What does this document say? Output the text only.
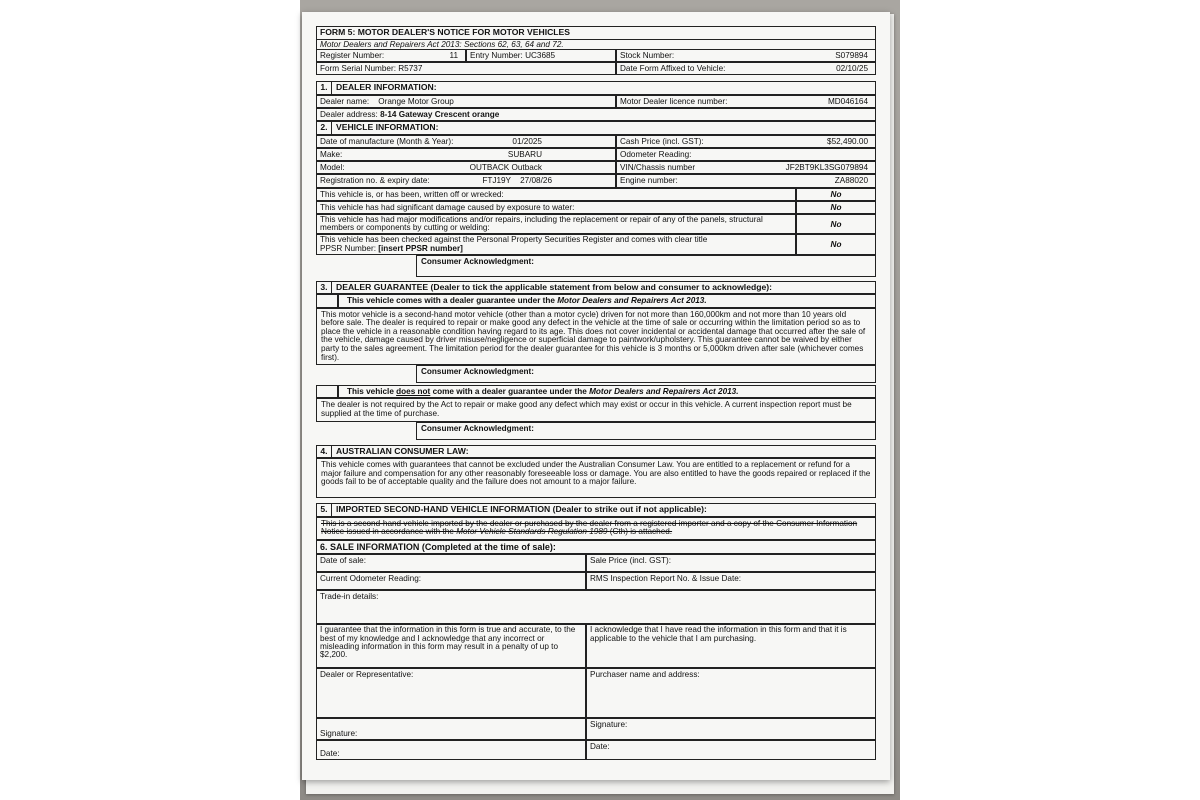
FORM 5: MOTOR DEALER'S NOTICE FOR MOTOR VEHICLES
Motor Dealers and Repairers Act 2013: Sections 62, 63, 64 and 72.
Register Number:	11	Entry Number: UC3685	Stock Number:	S079894
Form Serial Number: R5737	Date Form Affixed to Vehicle:	02/10/25
1. DEALER INFORMATION:
Dealer name: Orange Motor Group	Motor Dealer licence number:	MD046164
Dealer address: 8-14 Gateway Crescent orange
2. VEHICLE INFORMATION:
Date of manufacture (Month & Year):	01/2025	Cash Price (incl. GST):	$52,490.00
Make:	SUBARU	Odometer Reading:
Model:	OUTBACK Outback	VIN/Chassis number	JF2BT9KL3SG079894
Registration no. & expiry date:	FTJ19Y 27/08/26	Engine number:	ZA88020
This vehicle is, or has been, written off or wrecked:	No
This vehicle has had significant damage caused by exposure to water:	No
This vehicle has had major modifications and/or repairs, including the replacement or repair of any of the panels, structural members or components by cutting or welding:	No
This vehicle has been checked against the Personal Property Securities Register and comes with clear title
PPSR Number: [insert PPSR number]	No
Consumer Acknowledgment:
3. DEALER GUARANTEE (Dealer to tick the applicable statement from below and consumer to acknowledge):
This vehicle comes with a dealer guarantee under the Motor Dealers and Repairers Act 2013.
This motor vehicle is a second-hand motor vehicle (other than a motor cycle) driven for not more than 160,000km and not more than 10 years old before sale. The dealer is required to repair or make good any defect in the vehicle at the time of sale or occurring within the limitation period so as to place the vehicle in a reasonable condition having regard to its age. This does not cover incidental or accidental damage that occurred after the sale of the vehicle, damage caused by driver misuse/negligence or superficial damage to paintwork/upholstery. This guarantee cannot be waived by either party to the sales agreement. The limitation period for the dealer guarantee for this vehicle is 3 months or 5,000km driven after sale (whichever comes first).
Consumer Acknowledgment:
This vehicle does not come with a dealer guarantee under the Motor Dealers and Repairers Act 2013.
The dealer is not required by the Act to repair or make good any defect which may exist or occur in this vehicle. A current inspection report must be supplied at the time of purchase.
Consumer Acknowledgment:
4. AUSTRALIAN CONSUMER LAW:
This vehicle comes with guarantees that cannot be excluded under the Australian Consumer Law. You are entitled to a replacement or refund for a major failure and compensation for any other reasonably foreseeable loss or damage. You are also entitled to have the goods repaired or replaced if the goods fail to be of acceptable quality and the failure does not amount to a major failure.
5. IMPORTED SECOND-HAND VEHICLE INFORMATION (Dealer to strike out if not applicable):
This is a second-hand vehicle imported by the dealer or purchased by the dealer from a registered importer and a copy of the Consumer Information Notice issued in accordance with the Motor Vehicle Standards Regulation 1989 (Cth) is attached.
6. SALE INFORMATION (Completed at the time of sale):
Date of sale:	Sale Price (incl. GST):
Current Odometer Reading:	RMS Inspection Report No. & Issue Date:
Trade-in details:
I guarantee that the information in this form is true and accurate, to the best of my knowledge and I acknowledge that any incorrect or misleading information in this form may result in a penalty of up to $2,200.
I acknowledge that I have read the information in this form and that it is applicable to the vehicle that I am purchasing.
Dealer or Representative:	Purchaser name and address:
Signature:
Signature:
Date:
Date:
